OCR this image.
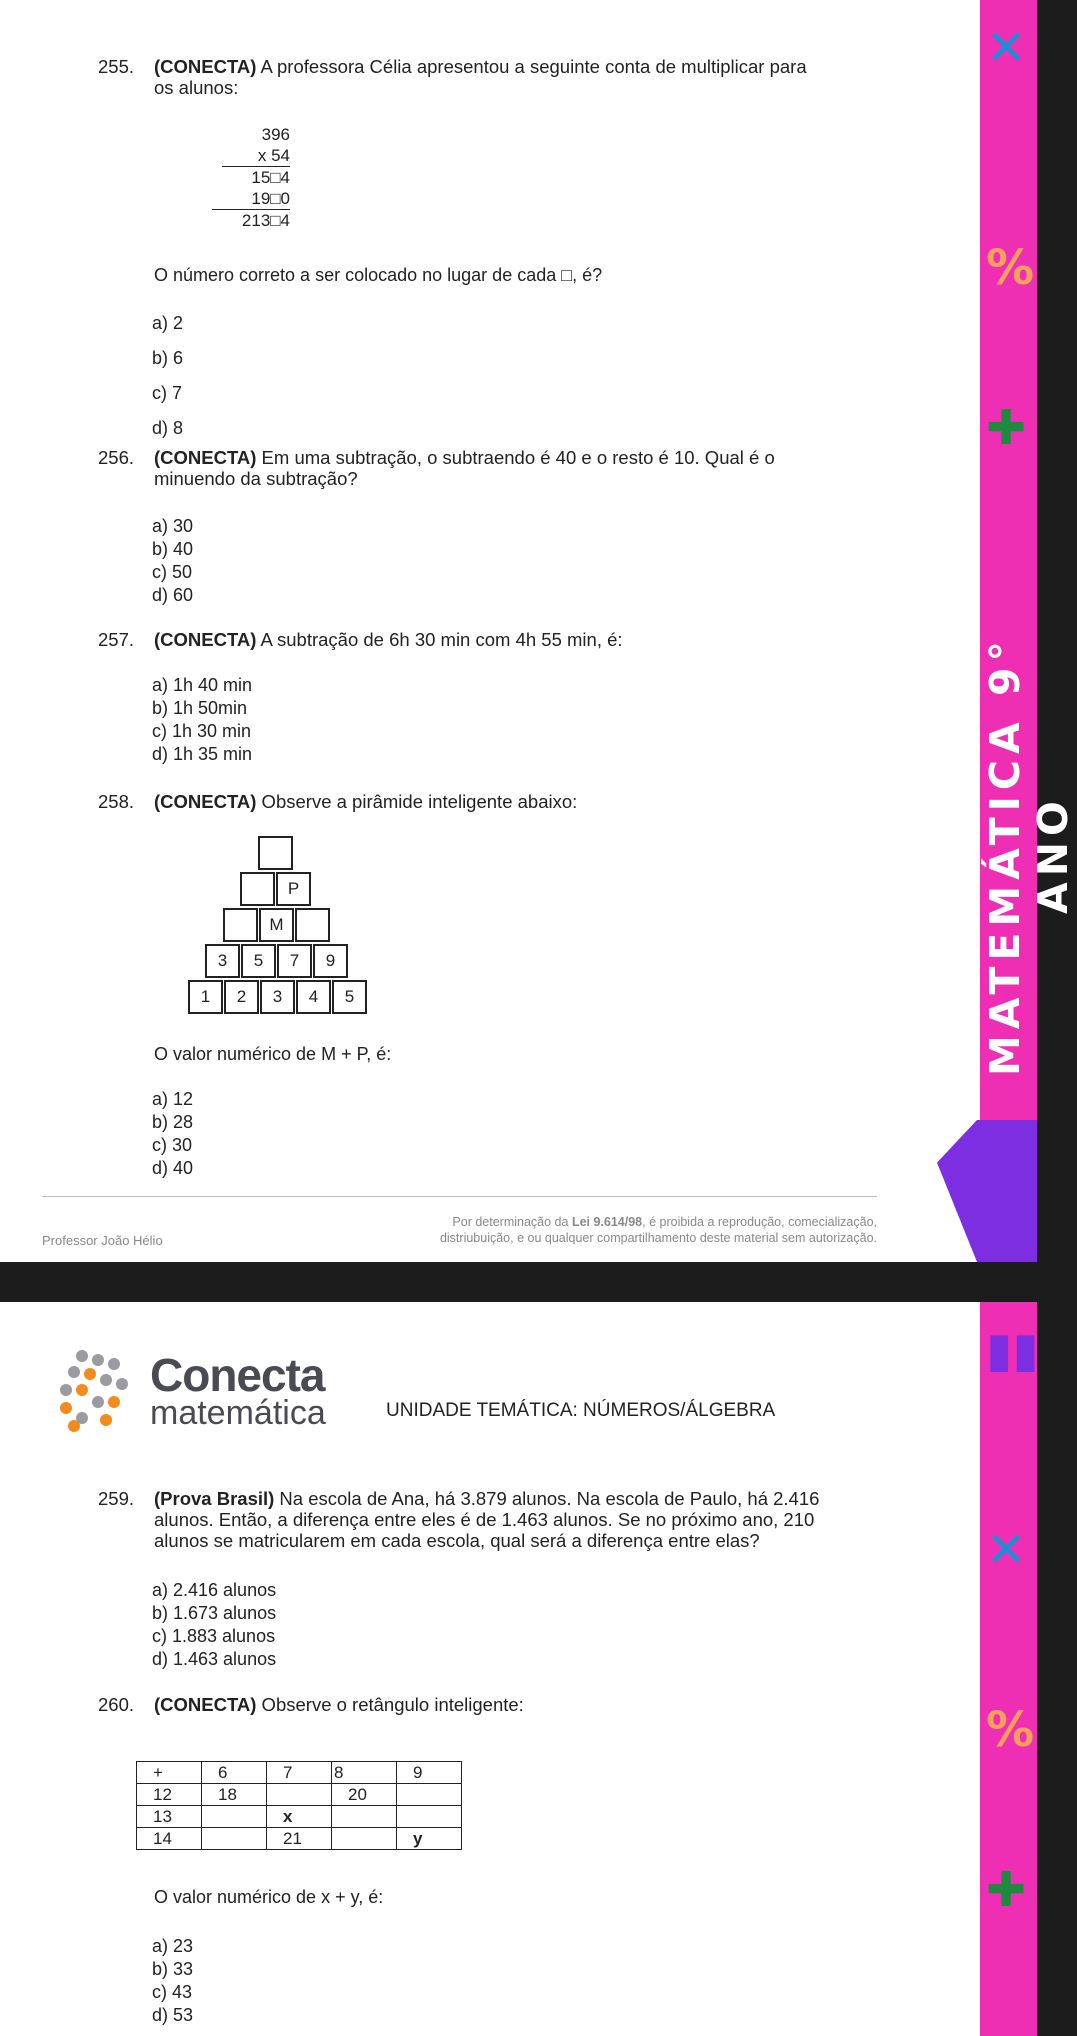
✕
%
✚
MATEMÁTICA 9° ANO
255. (CONECTA) A professora Célia apresentou a seguinte conta de multiplicar para
os alunos:
396
x 54
15□4
19□0
213□4
O número correto a ser colocado no lugar de cada □, é?
a) 2
b) 6
c) 7
d) 8
256. (CONECTA) Em uma subtração, o subtraendo é 40 e o resto é 10. Qual é o
minuendo da subtração?
a) 30
b) 40
c) 50
d) 60
257. (CONECTA) A subtração de 6h 30 min com 4h 55 min, é:
a) 1h 40 min
b) 1h 50min
c) 1h 30 min
d) 1h 35 min
258. (CONECTA) Observe a pirâmide inteligente abaixo:
P
M
3	5	7	9
1	2	3	4	5
O valor numérico de M + P, é:
a) 12
b) 28
c) 30
d) 40
Professor João Hélio
Por determinação da Lei 9.614/98, é proibida a reprodução, comecialização,
distriubuição, e ou qualquer compartilhamento deste material sem autorização.
▮▮
✕
%
✚
Conecta
matemática	UNIDADE TEMÁTICA: NÚMEROS/ÁLGEBRA
259. (Prova Brasil) Na escola de Ana, há 3.879 alunos. Na escola de Paulo, há 2.416
alunos. Então, a diferença entre eles é de 1.463 alunos. Se no próximo ano, 210
alunos se matricularem em cada escola, qual será a diferença entre elas?
a) 2.416 alunos
b) 1.673 alunos
c) 1.883 alunos
d) 1.463 alunos
260. (CONECTA) Observe o retângulo inteligente:
+	6	7	8	9
12	18		20	
13		x		
14		21		y
O valor numérico de x + y, é:
a) 23
b) 33
c) 43
d) 53
